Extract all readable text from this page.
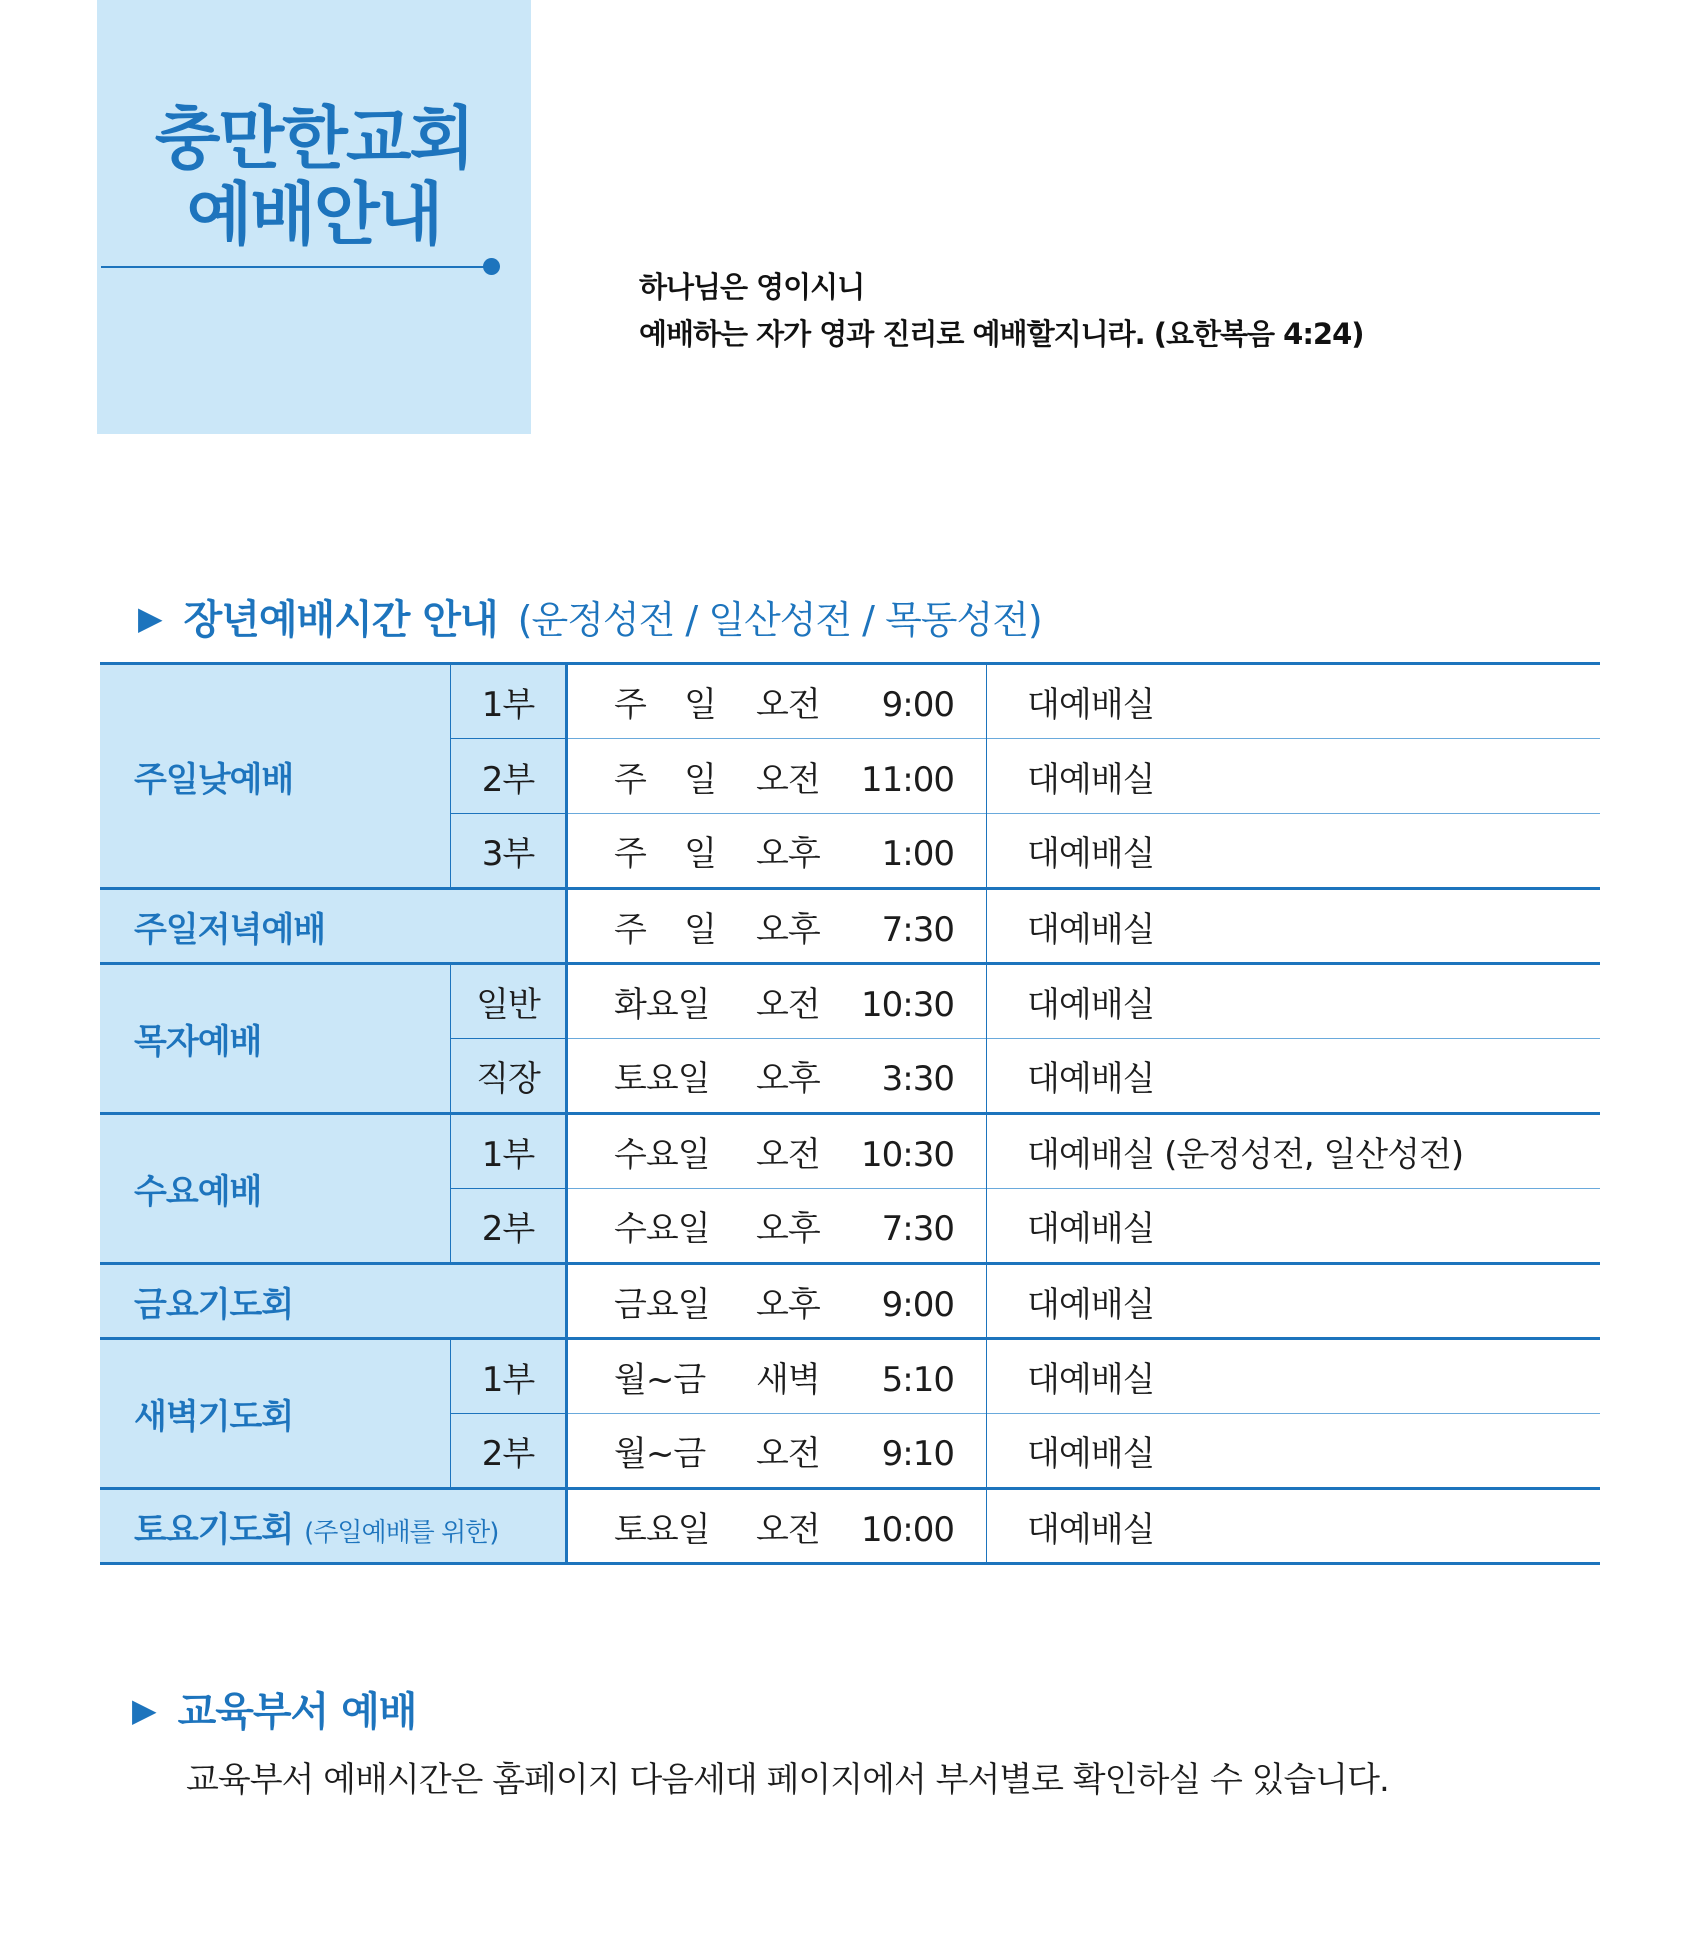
충만한교회
예배안내
하나님은 영이시니
예배하는 자가 영과 진리로 예배할지니라. (요한복음 4:24)
▶ 장년예배시간 안내 (운정성전 / 일산성전 / 목동성전)
주일낮예배	1부	주 일 오전 9:00	대예배실
	2부	주 일 오전 11:00	대예배실
	3부	주 일 오후 1:00	대예배실
주일저녁예배		주 일 오후 7:30	대예배실
목자예배	일반	화요일 오전 10:30	대예배실
	직장	토요일 오후 3:30	대예배실
수요예배	1부	수요일 오전 10:30	대예배실 (운정성전, 일산성전)
	2부	수요일 오후 7:30	대예배실
금요기도회		금요일 오후 9:00	대예배실
새벽기도회	1부	월~금 새벽 5:10	대예배실
	2부	월~금 오전 9:10	대예배실
토요기도회 (주일예배를 위한)		토요일 오전 10:00	대예배실
▶ 교육부서 예배
교육부서 예배시간은 홈페이지 다음세대 페이지에서 부서별로 확인하실 수 있습니다.
